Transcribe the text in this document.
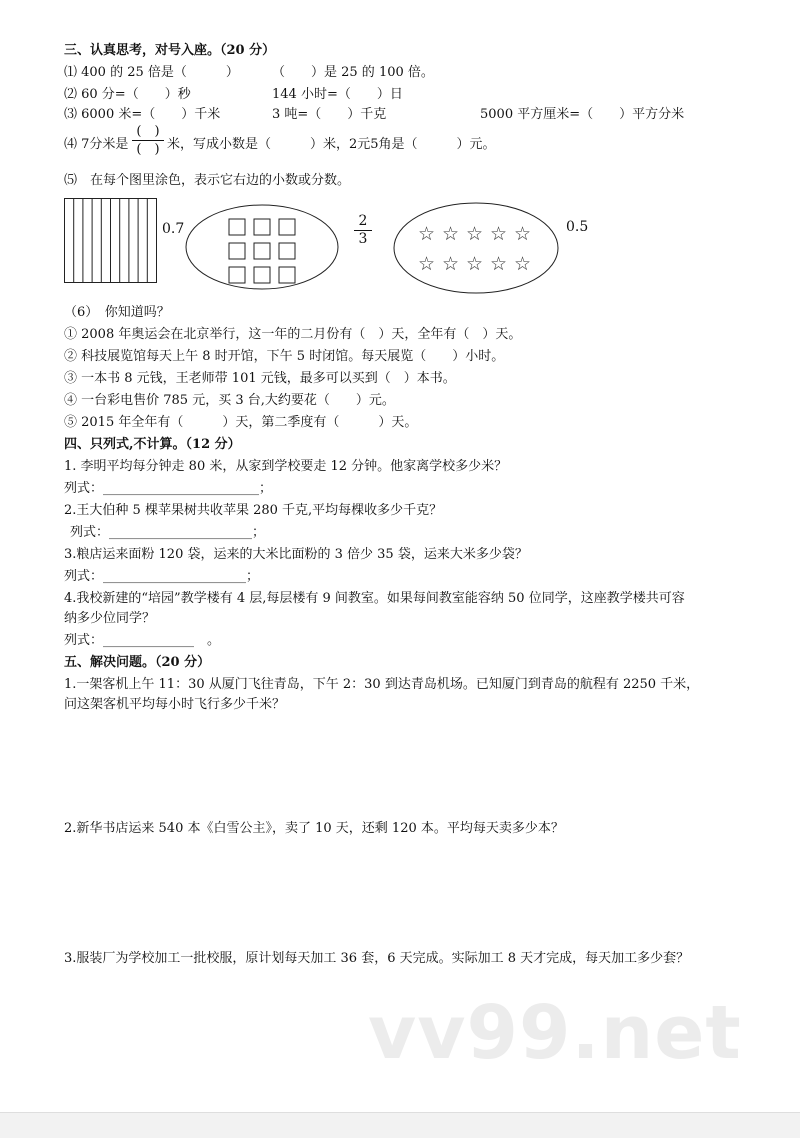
三、认真思考，对号入座。（20 分）
⑴ 400 的 25 倍是（　　　）	（　　）是 25 的 100 倍。
⑵ 60 分=（　　）秒	144 小时=（　　）日
⑶ 6000 米=（　　）千米	3 吨=（　　）千克	5000 平方厘米=（　　）平方分米
⑷ 7分米是
(　)
(　) 米，写成小数是（　　　）米，2元5角是（　　　）元。
⑸　在每个图里涂色，表示它右边的小数或分数。
0.7	2
3	☆ ☆ ☆ ☆ ☆
☆ ☆ ☆ ☆ ☆
0.5
（6）　你知道吗？
① 2008 年奥运会在北京举行，这一年的二月份有（　）天，全年有（　）天。
② 科技展览馆每天上午 8 时开馆，下午 5 时闭馆。每天展览（　　）小时。
③ 一本书 8 元钱，王老师带 101 元钱，最多可以买到（　）本书。
④ 一台彩电售价 785 元，买 3 台,大约要花（　　）元。
⑤ 2015 年全年有（　　　）天，第二季度有（　　　）天。
四、只列式,不计算。（12 分）
1. 李明平均每分钟走 80 米，从家到学校要走 12 分钟。他家离学校多少米？
列式：________________________；
2.王大伯种 5 棵苹果树共收苹果 280 千克,平均每棵收多少千克？
列式：______________________；
3.粮店运来面粉 120 袋，运来的大米比面粉的 3 倍少 35 袋，运来大米多少袋？
列式：______________________；
4.我校新建的“培园”教学楼有 4 层,每层楼有 9 间教室。如果每间教室能容纳 50 位同学，这座教学楼共可容
纳多少位同学？
列式：______________　。
五、解决问题。（20 分）
1.一架客机上午 11：30 从厦门飞往青岛，下午 2：30 到达青岛机场。已知厦门到青岛的航程有 2250 千米，
问这架客机平均每小时飞行多少千米？
2.新华书店运来 540 本《白雪公主》，卖了 10 天，还剩 120 本。平均每天卖多少本？
3.服装厂为学校加工一批校服，原计划每天加工 36 套，6 天完成。实际加工 8 天才完成，每天加工多少套？
vv99.net
